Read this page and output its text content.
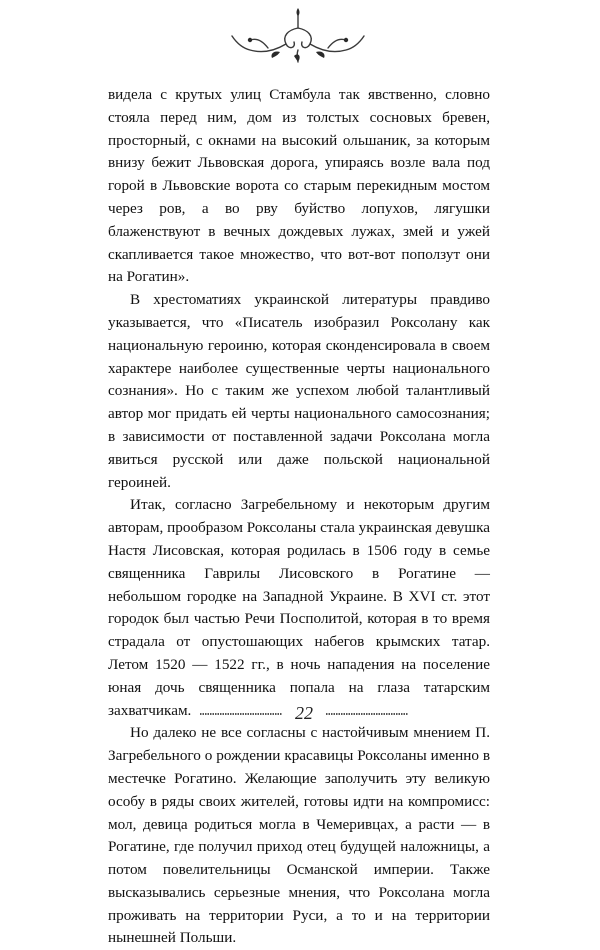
видела с крутых улиц Стамбула так явственно, словно стояла перед ним, дом из толстых сосновых бревен, просторный, с окнами на высокий ольшаник, за которым внизу бежит Львовская дорога, упираясь возле вала под горой в Львовские ворота со старым перекидным мостом через ров, а во рву буйство лопухов, лягушки блаженствуют в вечных дождевых лужах, змей и ужей скапливается такое множество, что вот-вот поползут они на Рогатин».

В хрестоматиях украинской литературы правдиво указывается, что «Писатель изобразил Роксолану как национальную героиню, которая сконденсировала в своем характере наиболее существенные черты национального сознания». Но с таким же успехом любой талантливый автор мог придать ей черты национального самосознания; в зависимости от поставленной задачи Роксолана могла явиться русской или даже польской национальной героиней.

Итак, согласно Загребельному и некоторым другим авторам, прообразом Роксоланы стала украинская девушка Настя Лисовская, которая родилась в 1506 году в семье священника Гаврилы Лисовского в Рогатине — небольшом городке на Западной Украине. В XVI ст. этот городок был частью Речи Посполитой, которая в то время страдала от опустошающих набегов крымских татар. Летом 1520 — 1522 гг., в ночь нападения на поселение юная дочь священника попала на глаза татарским захватчикам.

Но далеко не все согласны с настойчивым мнением П. Загребельного о рождении красавицы Роксоланы именно в местечке Рогатино. Желающие заполучить эту великую особу в ряды своих жителей, готовы идти на компромисс: мол, девица родиться могла в Чемеривцах, а расти — в Рогатине, где получил приход отец будущей наложницы, а потом повелительницы Османской империи. Также высказывались серьезные мнения, что Роксолана могла проживать на территории Руси, а то и на территории нынешней Польши.

22
